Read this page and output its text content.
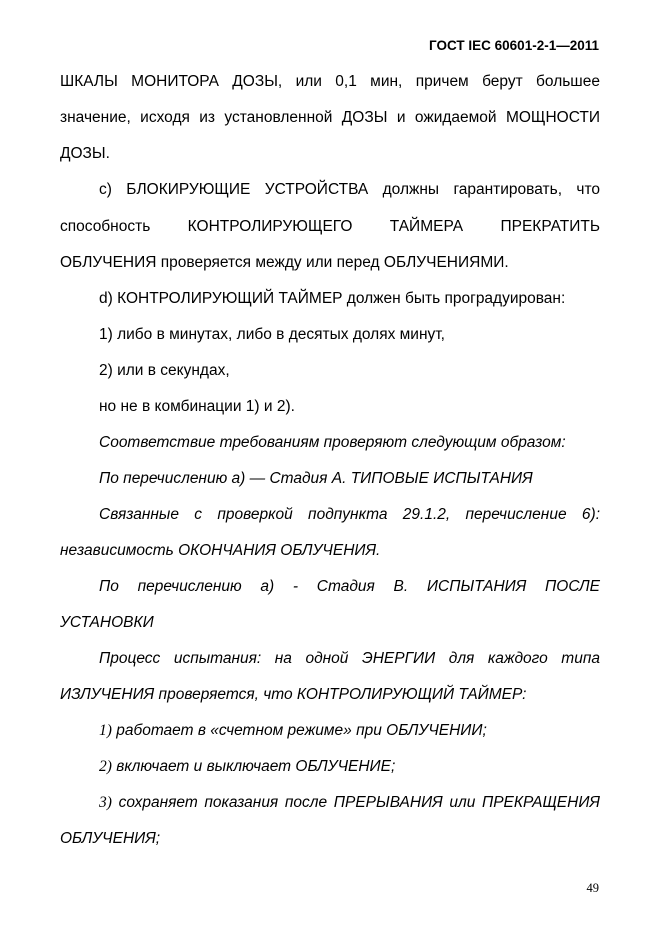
ГОСТ IEC 60601-2-1—2011
ШКАЛЫ МОНИТОРА ДОЗЫ, или 0,1 мин, причем берут большее
значение, исходя из установленной ДОЗЫ и ожидаемой МОЩНОСТИ
ДОЗЫ.
c) БЛОКИРУЮЩИЕ УСТРОЙСТВА должны гарантировать, что
способность КОНТРОЛИРУЮЩЕГО ТАЙМЕРА ПРЕКРАТИТЬ
ОБЛУЧЕНИЯ проверяется между или перед ОБЛУЧЕНИЯМИ.
d) КОНТРОЛИРУЮЩИЙ ТАЙМЕР должен быть проградуирован:
1) либо в минутах, либо в десятых долях минут,
2) или в секундах,
но не в комбинации 1) и 2).
Соответствие требованиям проверяют следующим образом:
По перечислению а) — Стадия А. ТИПОВЫЕ ИСПЫТАНИЯ
Связанные с проверкой подпункта 29.1.2, перечисление 6):
независимость ОКОНЧАНИЯ ОБЛУЧЕНИЯ.
По перечислению а) - Стадия В. ИСПЫТАНИЯ ПОСЛЕ
УСТАНОВКИ
Процесс испытания: на одной ЭНЕРГИИ для каждого типа
ИЗЛУЧЕНИЯ проверяется, что КОНТРОЛИРУЮЩИЙ ТАЙМЕР:
1) работает в «счетном режиме» при ОБЛУЧЕНИИ;
2) включает и выключает ОБЛУЧЕНИЕ;
3) сохраняет показания после ПРЕРЫВАНИЯ или ПРЕКРАЩЕНИЯ
ОБЛУЧЕНИЯ;
49
